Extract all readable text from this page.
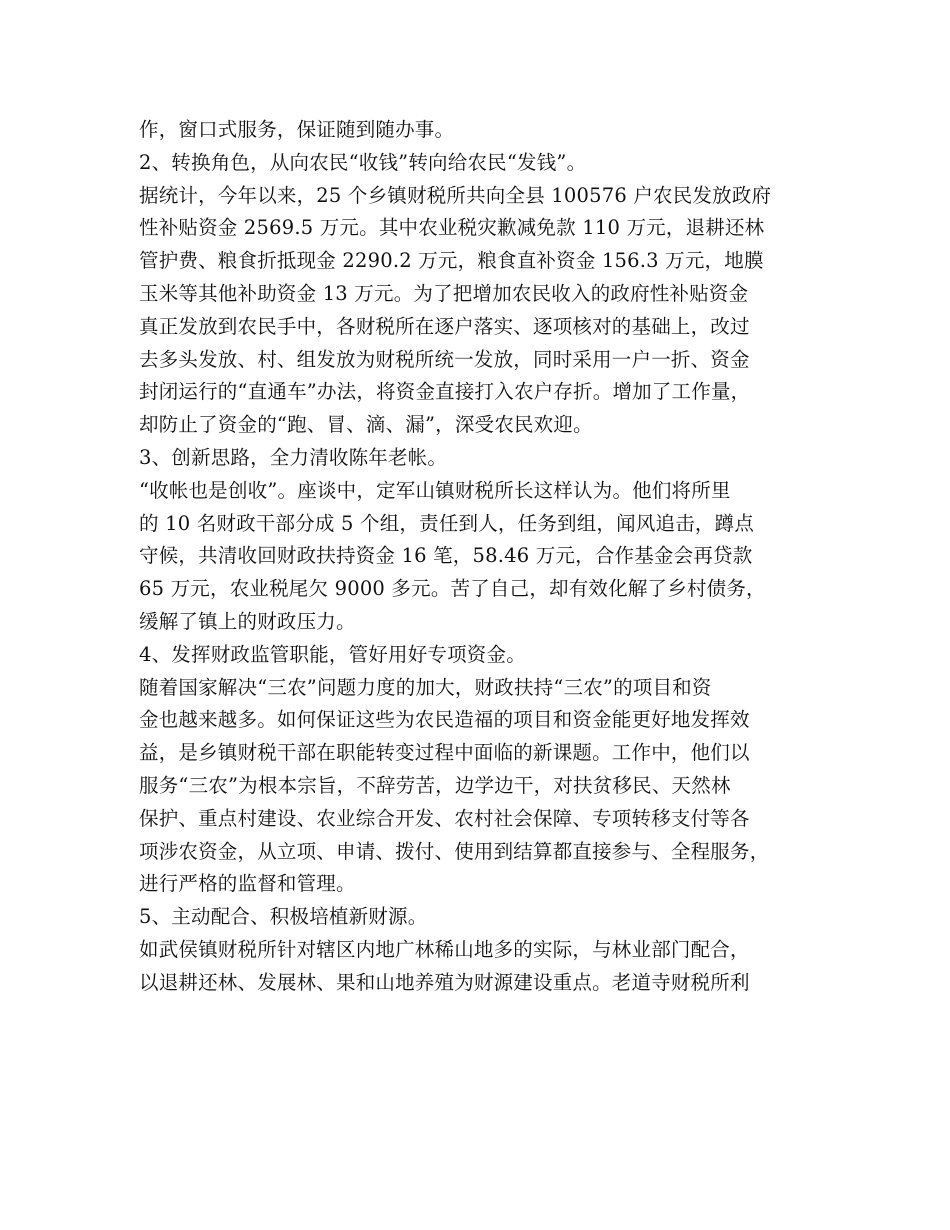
作，窗口式服务，保证随到随办事。
2、转换角色，从向农民“收钱”转向给农民“发钱”。
据统计，今年以来，25 个乡镇财税所共向全县 100576 户农民发放政府
性补贴资金 2569.5 万元。其中农业税灾歉减免款 110 万元，退耕还林
管护费、粮食折抵现金 2290.2 万元，粮食直补资金 156.3 万元，地膜
玉米等其他补助资金 13 万元。为了把增加农民收入的政府性补贴资金
真正发放到农民手中，各财税所在逐户落实、逐项核对的基础上，改过
去多头发放、村、组发放为财税所统一发放，同时采用一户一折、资金
封闭运行的“直通车”办法，将资金直接打入农户存折。增加了工作量，
却防止了资金的“跑、冒、滴、漏”，深受农民欢迎。
3、创新思路，全力清收陈年老帐。
“收帐也是创收”。座谈中，定军山镇财税所长这样认为。他们将所里
的 10 名财政干部分成 5 个组，责任到人，任务到组，闻风追击，蹲点
守候，共清收回财政扶持资金 16 笔，58.46 万元，合作基金会再贷款
65 万元，农业税尾欠 9000 多元。苦了自己，却有效化解了乡村债务，
缓解了镇上的财政压力。
4、发挥财政监管职能，管好用好专项资金。
随着国家解决“三农”问题力度的加大，财政扶持“三农”的项目和资
金也越来越多。如何保证这些为农民造福的项目和资金能更好地发挥效
益，是乡镇财税干部在职能转变过程中面临的新课题。工作中，他们以
服务“三农”为根本宗旨，不辞劳苦，边学边干，对扶贫移民、天然林
保护、重点村建设、农业综合开发、农村社会保障、专项转移支付等各
项涉农资金，从立项、申请、拨付、使用到结算都直接参与、全程服务，
进行严格的监督和管理。
5、主动配合、积极培植新财源。
如武侯镇财税所针对辖区内地广林稀山地多的实际，与林业部门配合，
以退耕还林、发展林、果和山地养殖为财源建设重点。老道寺财税所利
